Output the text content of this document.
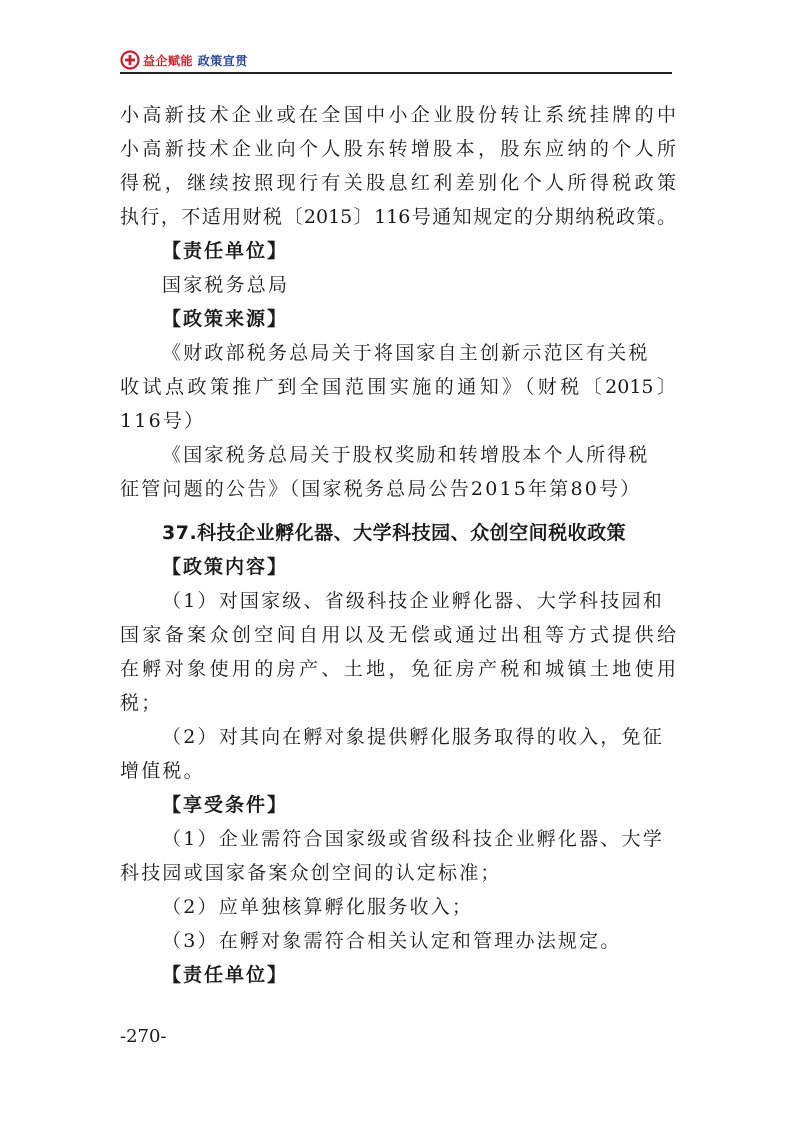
益企赋能 政策宣贯
小高新技术企业或在全国中小企业股份转让系统挂牌的中
小高新技术企业向个人股东转增股本，股东应纳的个人所
得税，继续按照现行有关股息红利差别化个人所得税政策
执行，不适用财税〔2015〕116号通知规定的分期纳税政策。
【责任单位】
国家税务总局
【政策来源】
《财政部税务总局关于将国家自主创新示范区有关税
收试点政策推广到全国范围实施的通知》（财税〔2015〕
116号）
《国家税务总局关于股权奖励和转增股本个人所得税
征管问题的公告》（国家税务总局公告2015年第80号）
37.科技企业孵化器、大学科技园、众创空间税收政策
【政策内容】
（1）对国家级、省级科技企业孵化器、大学科技园和
国家备案众创空间自用以及无偿或通过出租等方式提供给
在孵对象使用的房产、土地，免征房产税和城镇土地使用
税；
（2）对其向在孵对象提供孵化服务取得的收入，免征
增值税。
【享受条件】
（1）企业需符合国家级或省级科技企业孵化器、大学
科技园或国家备案众创空间的认定标准；
（2）应单独核算孵化服务收入；
（3）在孵对象需符合相关认定和管理办法规定。
【责任单位】
-270-
